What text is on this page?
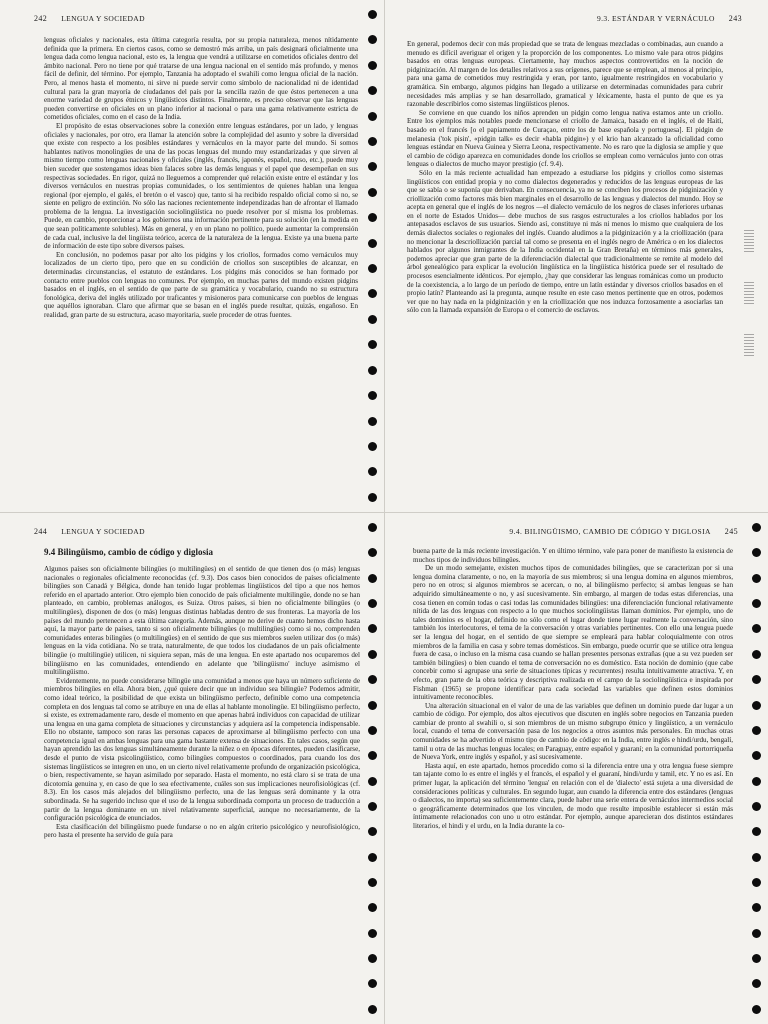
242 LENGUA Y SOCIEDAD

lenguas oficiales y nacionales, esta última categoría resulta, por su propia naturaleza, menos nítidamente definida que la primera. En ciertos casos, como se demostró más arriba, un país designará oficialmente una lengua dada como lengua nacional, esto es, la lengua que vendrá a utilizarse en cometidos oficiales dentro del ámbito nacional. Pero no tiene por qué tratarse de una lengua nacional en el sentido más profundo, y menos fácil de definir, del término. Por ejemplo, Tanzania ha adoptado el swahili como lengua oficial de la nación. Pero, al menos hasta el momento, ni sirve ni puede servir como símbolo de nacionalidad ni de identidad cultural para la gran mayoría de ciudadanos del país por la sencilla razón de que éstos pertenecen a una enorme variedad de grupos étnicos y lingüísticos distintos. Finalmente, es preciso observar que las lenguas pueden convertirse en oficiales en un plano inferior al nacional o para una gama relativamente estricta de cometidos oficiales, como en el caso de la India.

El propósito de estas observaciones sobre la conexión entre lenguas estándares, por un lado, y lenguas oficiales y nacionales, por otro, era llamar la atención sobre la complejidad del asunto y sobre la diversidad que existe con respecto a los posibles estándares y vernáculos en la mayor parte del mundo. Si somos hablantes nativos monolingües de una de las pocas lenguas del mundo muy estandarizadas y que sirven al mismo tiempo como lenguas nacionales y oficiales (inglés, francés, japonés, español, ruso, etc.), puede muy bien suceder que sostengamos ideas bien falaces sobre las demás lenguas y el papel que desempeñan en sus respectivas sociedades. En rigor, quizá no lleguemos a comprender qué relación existe entre el estándar y los diversos vernáculos en nuestras propias comunidades, o los sentimientos de quienes hablan una lengua regional (por ejemplo, el galés, el bretón o el vasco) que, tanto si ha recibido respaldo oficial como si no, se siente en peligro de extinción. No sólo las naciones recientemente independizadas han de afrontar el llamado problema de la lengua. La investigación sociolingüística no puede resolver por sí misma los problemas. Puede, en cambio, proporcionar a los gobiernos una información pertinente para su solución (en la medida en que sean políticamente solubles). Más en general, y en un plano no político, puede aumentar la comprensión de cada cual, inclusive la del lingüista teórico, acerca de la naturaleza de la lengua. Existe ya una buena parte de información de este tipo sobre diversos países.

En conclusión, no podemos pasar por alto los pidgins y los criollos, formados como vernáculos muy localizados de un cierto tipo, pero que en su condición de criollos son susceptibles de alcanzar, en determinadas circunstancias, el estatuto de estándares. Los pidgins más conocidos se han formado por contacto entre pueblos con lenguas no comunes. Por ejemplo, en muchas partes del mundo existen pidgins basados en el inglés, en el sentido de que parte de su gramática y vocabulario, cuando no su estructura fonológica, deriva del inglés utilizado por traficantes y misioneros para comunicarse con pueblos de lenguas que aquéllos ignoraban. Claro que afirmar que se basan en el inglés puede resultar, quizás, engañoso. En realidad, gran parte de su estructura, acaso mayoritaria, suele proceder de otras fuentes.

9.3. ESTÁNDAR Y VERNÁCULO 243

En general, podemos decir con más propiedad que se trata de lenguas mezcladas o combinadas, aun cuando a menudo es difícil averiguar el origen y la proporción de los componentes. Lo mismo vale para otros pidgins basados en otras lenguas europeas. Ciertamente, hay muchos aspectos controvertidos en la noción de pidginización. Al margen de los detalles relativos a sus orígenes, parece que se emplean, al menos al principio, para una gama de cometidos muy restringida y eran, por tanto, igualmente restringidos en vocabulario y gramática. Sin embargo, algunos pidgins han llegado a utilizarse en determinadas comunidades para cubrir necesidades más amplias y se han desarrollado, gramatical y léxicamente, hasta el punto de que es ya razonable describirlos como sistemas lingüísticos plenos.

Se conviene en que cuando los niños aprenden un pidgin como lengua nativa estamos ante un criollo. Entre los ejemplos más notables puede mencionarse el criollo de Jamaica, basado en el inglés, el de Haití, basado en el francés [o el papiamento de Curaçao, entre los de base española y portuguesa]. El pidgin de melanesia ('tok pisin', «pidgin talk» es decir «habla pidgin») y el krio han alcanzado la oficialidad como lenguas estándar en Nueva Guinea y Sierra Leona, respectivamente. No es raro que la diglosia se amplíe y que el cambio de código aparezca en comunidades donde los criollos se emplean como vernáculos junto con otras lenguas o dialectos de mucho mayor prestigio (cf. 9.4).

Sólo en la más reciente actualidad han empezado a estudiarse los pidgins y criollos como sistemas lingüísticos con entidad propia y no como dialectos degenerados y reducidos de las lenguas europeas de las que se sabía o se suponía que derivaban. En consecuencia, ya no se conciben los procesos de pidginización y criollización como factores más bien marginales en el desarrollo de las lenguas y dialectos del mundo. Hoy se acepta en general que el inglés de los negros —el dialecto vernáculo de los negros de clases inferiores urbanas en el norte de Estados Unidos— debe muchos de sus rasgos estructurales a los criollos hablados por los antepasados esclavos de sus usuarios. Siendo así, constituye ni más ni menos lo mismo que cualquiera de los demás dialectos sociales o regionales del inglés. Cuando aludimos a la pidginización y a la criollización (para no mencionar la descriollización parcial tal como se presenta en el inglés negro de América o en los dialectos hablados por algunos inmigrantes de la India occidental en la Gran Bretaña) en términos más generales, podemos apreciar que gran parte de la diferenciación dialectal que tradicionalmente se remite al modelo del árbol genealógico para explicar la evolución lingüística en la lingüística histórica puede ser el resultado de procesos esencialmente idénticos. Por ejemplo, ¿hay que considerar las lenguas románicas como un producto de la coexistencia, a lo largo de un período de tiempo, entre un latín estándar y diversos criollos basados en el propio latín? Planteando así la pregunta, aunque resulte en este caso menos pertinente que en otros, podemos ver que no hay nada en la pidginización y en la criollización que nos induzca forzosamente a asociarlas tan sólo con la llamada expansión de Europa o el comercio de esclavos.

244 LENGUA Y SOCIEDAD
9.4 Bilingüismo, cambio de código y diglosia

Algunos países son oficialmente bilingües (o multilingües) en el sentido de que tienen dos (o más) lenguas nacionales o regionales oficialmente reconocidas (cf. 9.3). Dos casos bien conocidos de países oficialmente bilingües son Canadá y Bélgica, donde han tenido lugar problemas lingüísticos del tipo a que nos hemos referido en el apartado anterior. Otro ejemplo bien conocido de país oficialmente multilingüe, donde no se han planteado, en cambio, problemas análogos, es Suiza. Otros países, si bien no oficialmente bilingües (o multilingües), disponen de dos (o más) lenguas distintas habladas dentro de sus fronteras. La mayoría de los países del mundo pertenecen a esta última categoría. Además, aunque no derive de cuanto hemos dicho hasta aquí, la mayor parte de países, tanto si son oficialmente bilingües (o multilingües) como si no, comprenden comunidades enteras bilingües (o multilingües) en el sentido de que sus miembros suelen utilizar dos (o más) lenguas en la vida cotidiana. No se trata, naturalmente, de que todos los ciudadanos de un país oficialmente bilingüe (o multilingüe) utilicen, ni siquiera sepan, más de una lengua. En este apartado nos ocuparemos del bilingüismo en las comunidades, entendiendo en adelante que 'bilingüismo' incluye asimismo el multilingüismo.

Evidentemente, no puede considerarse bilingüe una comunidad a menos que haya un número suficiente de miembros bilingües en ella. Ahora bien, ¿qué quiere decir que un individuo sea bilingüe? Podemos admitir, como ideal teórico, la posibilidad de que exista un bilingüismo perfecto, definible como una competencia completa en dos lenguas tal como se atribuye en una de ellas al hablante monolingüe. El bilingüismo perfecto, si existe, es extremadamente raro, desde el momento en que apenas habrá individuos con capacidad de utilizar una lengua en una gama completa de situaciones y circunstancias y adquiera así la competencia indispensable. Ello no obstante, tampoco son raras las personas capaces de aproximarse al bilingüismo perfecto con una competencia igual en ambas lenguas para una gama bastante extensa de situaciones. En tales casos, según que hayan aprendido las dos lenguas simultáneamente durante la niñez o en épocas diferentes, pueden clasificarse, desde el punto de vista psicolingüístico, como bilingües compuestos o coordinados, para cuando los dos sistemas lingüísticos se integren en uno, en un cierto nivel relativamente profundo de organización psicológica, o bien, respectivamente, se hayan asimilado por separado. Hasta el momento, no está claro si se trata de una dicotomía genuina y, en caso de que lo sea efectivamente, cuáles son sus implicaciones neurofisiológicas (cf. 8.3). En los casos más alejados del bilingüismo perfecto, una de las lenguas será dominante y la otra subordinada. Se ha sugerido incluso que el uso de la lengua subordinada comporta un proceso de traducción a partir de la lengua dominante en un nivel relativamente superficial, aunque no necesariamente, de la configuración psicológica de enunciados.

Esta clasificación del bilingüismo puede fundarse o no en algún criterio psicológico y neurofisiológico, pero hasta el presente ha servido de guía para

9.4. BILINGÜISMO, CAMBIO DE CÓDIGO Y DIGLOSIA 245

buena parte de la más reciente investigación. Y en último término, vale para poner de manifiesto la existencia de muchos tipos de individuos bilingües.

De un modo semejante, existen muchos tipos de comunidades bilingües, que se caracterizan por si una lengua domina claramente, o no, en la mayoría de sus miembros; si una lengua domina en algunos miembros, pero no en otros; si algunos miembros se acercan, o no, al bilingüismo perfecto; si ambas lenguas se han adquirido simultáneamente o no, y así sucesivamente. Sin embargo, al margen de todas estas diferencias, una cosa tienen en común todas o casi todas las comunidades bilingües: una diferenciación funcional relativamente nítida de las dos lenguas con respecto a lo que muchos sociolingüistas llaman dominios. Por ejemplo, uno de tales dominios es el hogar, definido no sólo como el lugar donde tiene lugar realmente la conversación, sino también los interlocutores, el tema de la conversación y otras variables pertinentes. Con ello una lengua puede ser la lengua del hogar, en el sentido de que siempre se empleará para hablar coloquialmente con otros miembros de la familia en casa y sobre temas domésticos. Sin embargo, puede ocurrir que se utilice otra lengua fuera de casa, o incluso en la misma casa cuando se hallan presentes personas extrañas (que a su vez pueden ser también bilingües) o bien cuando el tema de conversación no es doméstico. Esta noción de dominio (que cabe concebir como si agrupase una serie de situaciones típicas y recurrentes) resulta intuitivamente atractiva. Y, en efecto, gran parte de la obra teórica y descriptiva realizada en el campo de la sociolingüística e inspirada por Fishman (1965) se propone identificar para cada sociedad las variables que definen estos dominios intuitivamente reconocibles.

Una alteración situacional en el valor de una de las variables que definen un dominio puede dar lugar a un cambio de código. Por ejemplo, dos altos ejecutivos que discuten en inglés sobre negocios en Tanzania pueden cambiar de pronto al swahili o, si son miembros de un mismo subgrupo étnico y lingüístico, a un vernáculo local, cuando el tema de conversación pasa de los negocios a otros asuntos más personales. En muchas otras comunidades se ha advertido el mismo tipo de cambio de código: en la India, entre inglés e hindi/urdu, bengalí, tamil u otra de las muchas lenguas locales; en Paraguay, entre español y guaraní; en la comunidad portorriqueña de Nueva York, entre inglés y español, y así sucesivamente.

Hasta aquí, en este apartado, hemos procedido como si la diferencia entre una y otra lengua fuese siempre tan tajante como lo es entre el inglés y el francés, el español y el guaraní, hindi/urdu y tamil, etc. Y no es así. En primer lugar, la aplicación del término 'lengua' en relación con el de 'dialecto' está sujeta a una diversidad de consideraciones políticas y culturales. En segundo lugar, aun cuando la diferencia entre dos estándares (lenguas o dialectos, no importa) sea suficientemente clara, puede haber una serie entera de vernáculos intermedios social o geográficamente determinados que los vinculen, de modo que resulte imposible establecer si están más íntimamente relacionados con uno u otro estándar. Por ejemplo, aunque aparecieran dos distintos estándares literarios, el hindi y el urdu, en la India durante la co-
